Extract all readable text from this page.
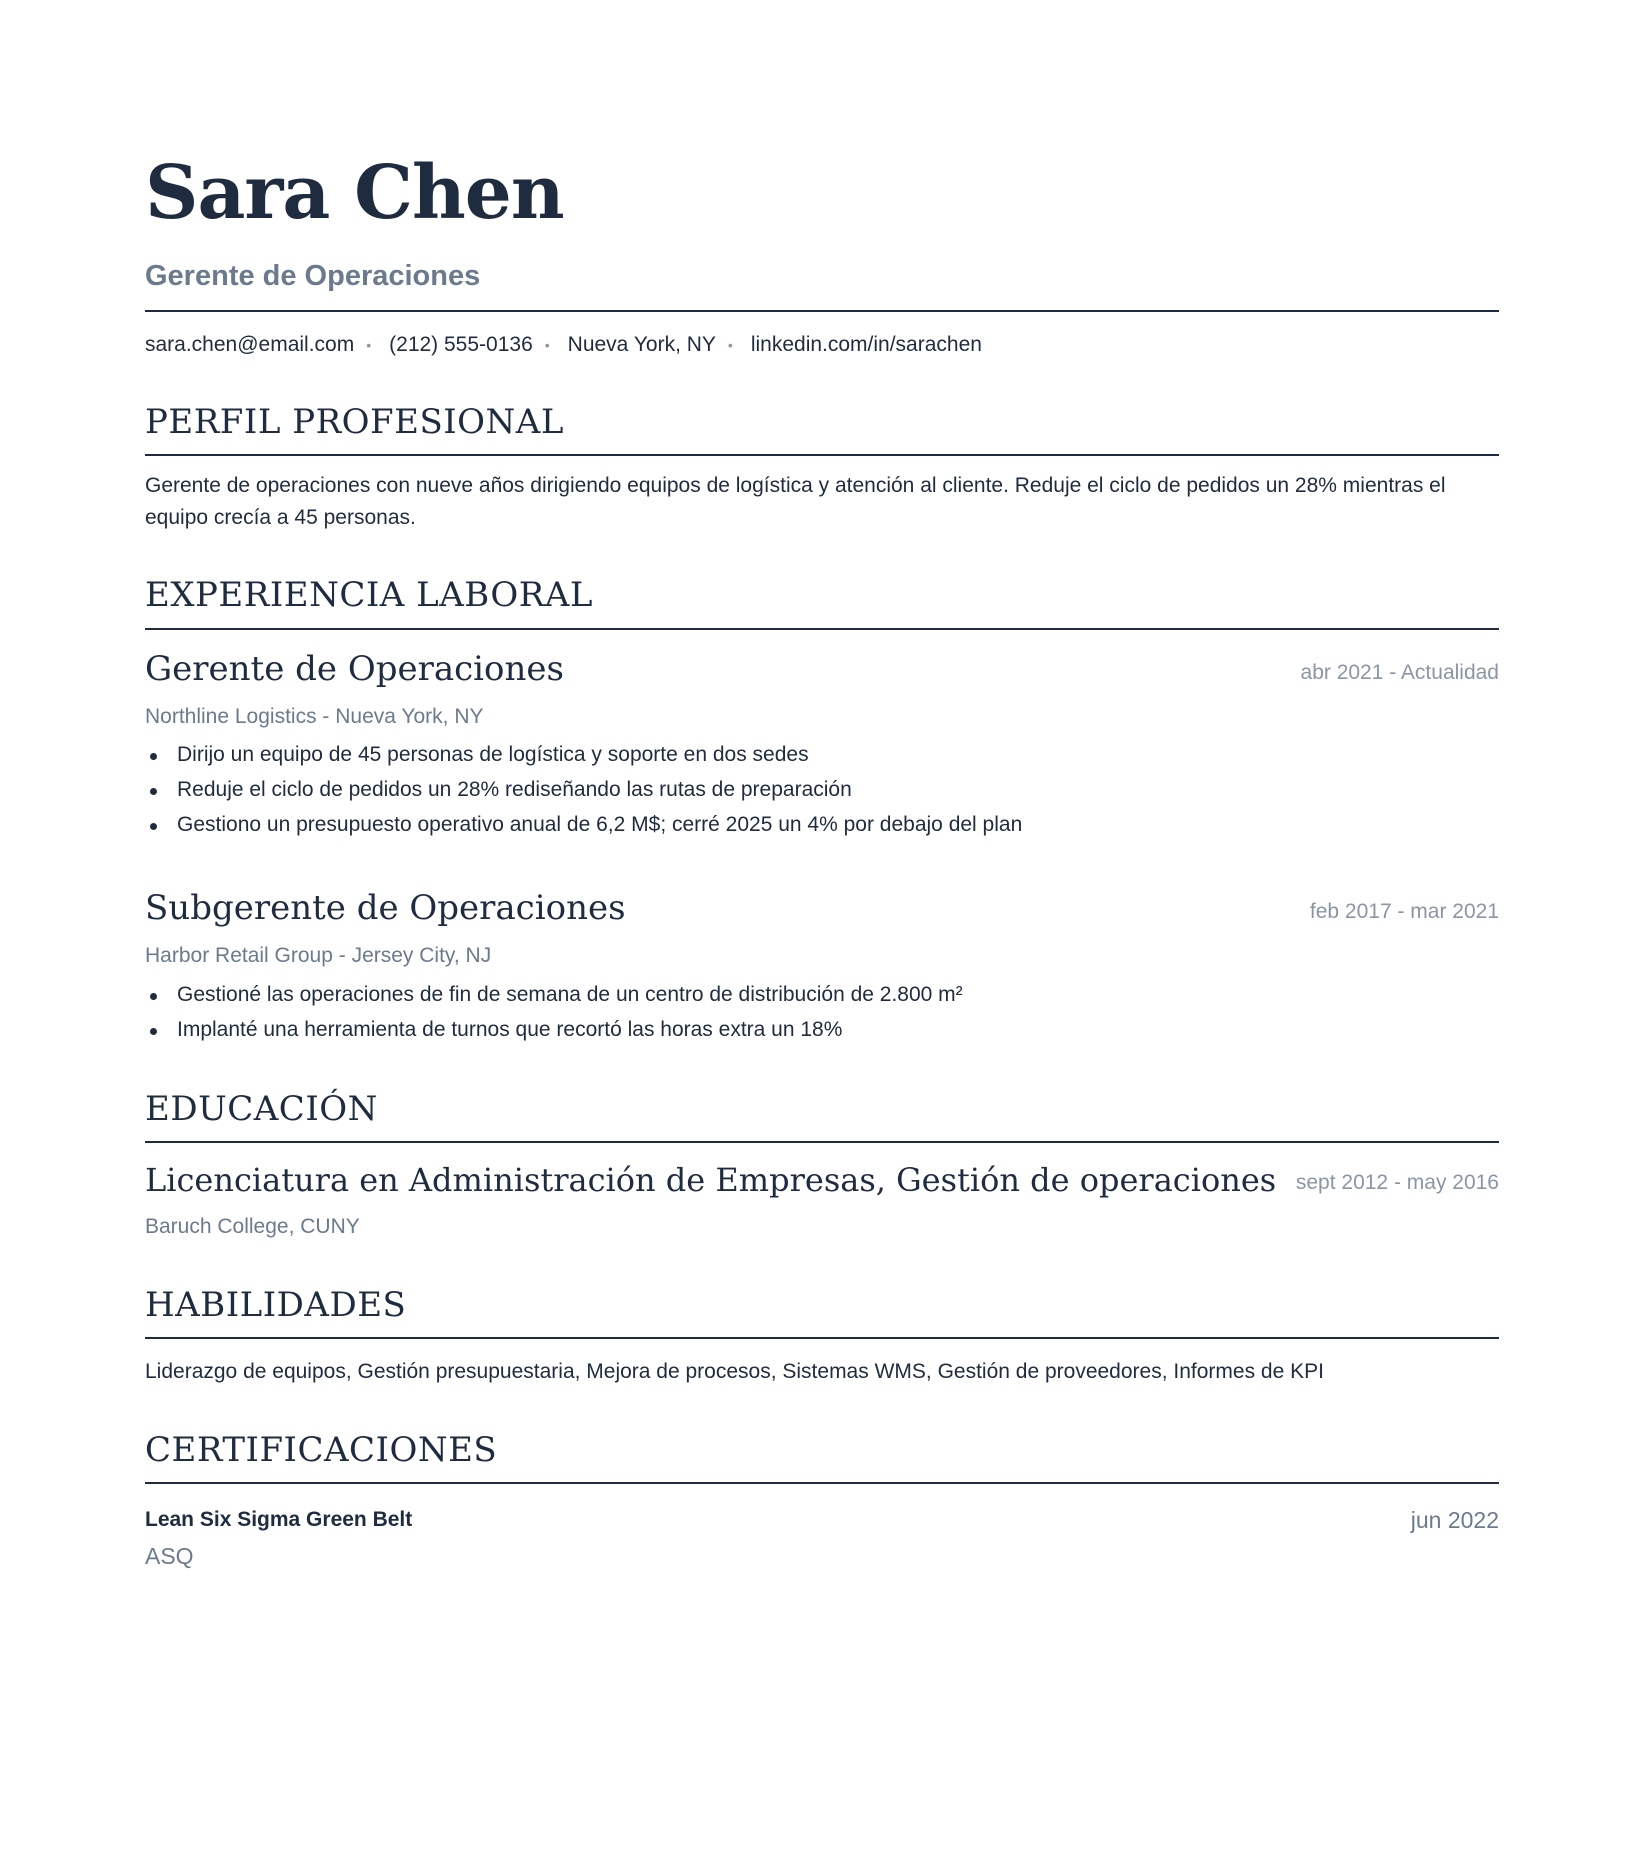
Sara Chen
Gerente de Operaciones
sara.chen@email.com • (212) 555-0136 • Nueva York, NY • linkedin.com/in/sarachen
PERFIL PROFESIONAL

Gerente de operaciones con nueve años dirigiendo equipos de logística y atención al cliente. Reduje el ciclo de pedidos un 28% mientras el equipo crecía a 45 personas.

EXPERIENCIA LABORAL
Gerente de Operaciones	abr 2021 - Actualidad
Northline Logistics - Nueva York, NY
Dirijo un equipo de 45 personas de logística y soporte en dos sedes
Reduje el ciclo de pedidos un 28% rediseñando las rutas de preparación
Gestiono un presupuesto operativo anual de 6,2 M$; cerré 2025 un 4% por debajo del plan
Subgerente de Operaciones	feb 2017 - mar 2021
Harbor Retail Group - Jersey City, NJ
Gestioné las operaciones de fin de semana de un centro de distribución de 2.800 m²
Implanté una herramienta de turnos que recortó las horas extra un 18%
EDUCACIÓN
Licenciatura en Administración de Empresas, Gestión de operaciones sept 2012 - may 2016
Baruch College, CUNY
HABILIDADES

Liderazgo de equipos, Gestión presupuestaria, Mejora de procesos, Sistemas WMS, Gestión de proveedores, Informes de KPI

CERTIFICACIONES
Lean Six Sigma Green Belt	jun 2022
ASQ
